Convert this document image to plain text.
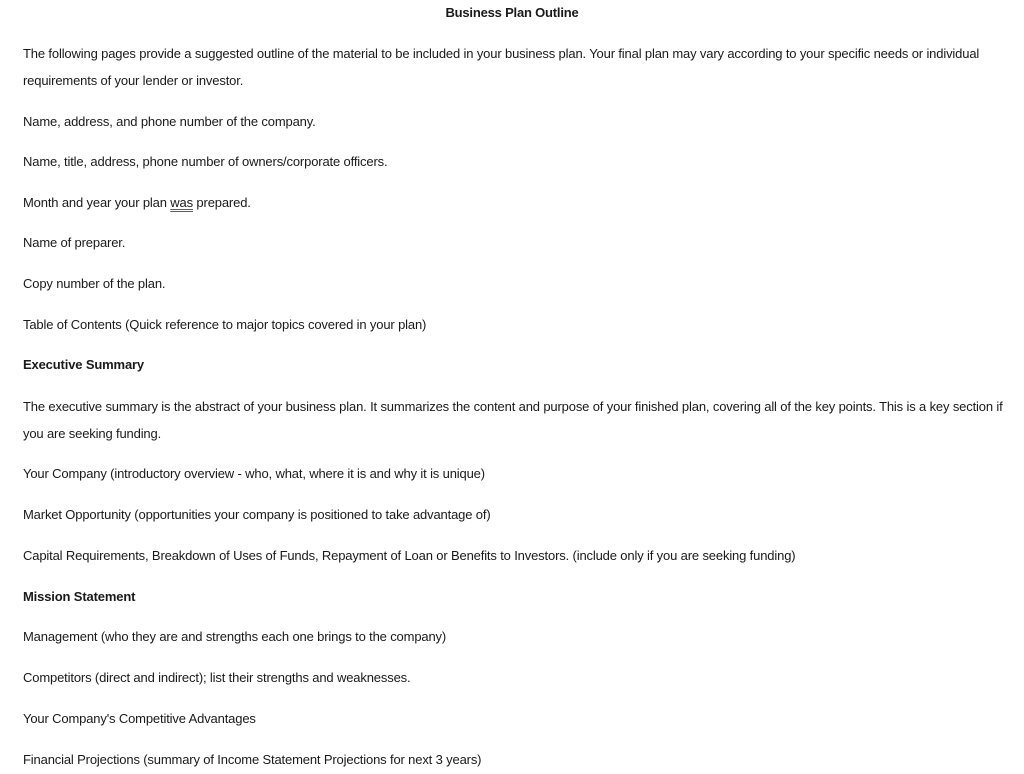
Business Plan Outline
The following pages provide a suggested outline of the material to be included in your business plan. Your final plan may vary according to your specific needs or individual requirements of your lender or investor.
Name, address, and phone number of the company.
Name, title, address, phone number of owners/corporate officers.
Month and year your plan was prepared.
Name of preparer.
Copy number of the plan.
Table of Contents (Quick reference to major topics covered in your plan)
Executive Summary
The executive summary is the abstract of your business plan. It summarizes the content and purpose of your finished plan, covering all of the key points. This is a key section if you are seeking funding.
Your Company (introductory overview - who, what, where it is and why it is unique)
Market Opportunity (opportunities your company is positioned to take advantage of)
Capital Requirements, Breakdown of Uses of Funds, Repayment of Loan or Benefits to Investors. (include only if you are seeking funding)
Mission Statement
Management (who they are and strengths each one brings to the company)
Competitors (direct and indirect); list their strengths and weaknesses.
Your Company's Competitive Advantages
Financial Projections (summary of Income Statement Projections for next 3 years)
